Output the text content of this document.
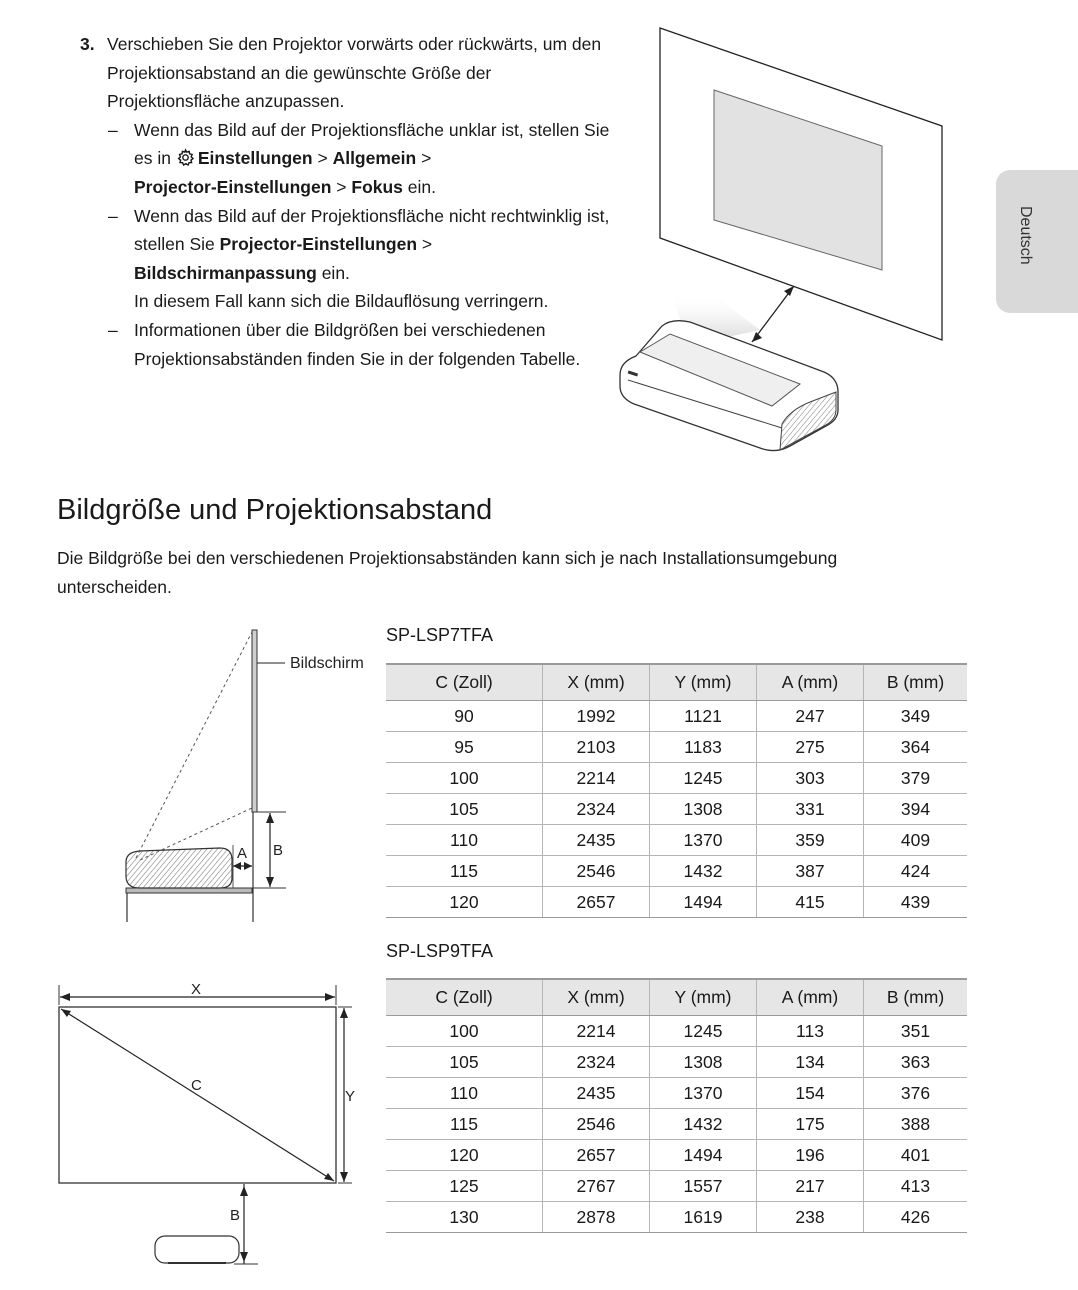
3. Verschieben Sie den Projektor vorwärts oder rückwärts, um den Projektionsabstand an die gewünschte Größe der Projektionsfläche anzupassen.
– Wenn das Bild auf der Projektionsfläche unklar ist, stellen Sie es in Einstellungen > Allgemein >
Projector-Einstellungen > Fokus ein.
– Wenn das Bild auf der Projektionsfläche nicht rechtwinklig ist, stellen Sie Projector-Einstellungen >
Bildschirmanpassung ein.
In diesem Fall kann sich die Bildauflösung verringern.
– Informationen über die Bildgrößen bei verschiedenen Projektionsabständen finden Sie in der folgenden Tabelle.
Deutsch
Bildgröße und Projektionsabstand

Die Bildgröße bei den verschiedenen Projektionsabständen kann sich je nach Installationsumgebung unterscheiden.

Bildschirm
B
A
X
Y
C
B
SP-LSP7TFA
C (Zoll)	X (mm)	Y (mm)	A (mm)	B (mm)
90	1992	1121	247	349
95	2103	1183	275	364
100	2214	1245	303	379
105	2324	1308	331	394
110	2435	1370	359	409
115	2546	1432	387	424
120	2657	1494	415	439
SP-LSP9TFA
C (Zoll)	X (mm)	Y (mm)	A (mm)	B (mm)
100	2214	1245	113	351
105	2324	1308	134	363
110	2435	1370	154	376
115	2546	1432	175	388
120	2657	1494	196	401
125	2767	1557	217	413
130	2878	1619	238	426
